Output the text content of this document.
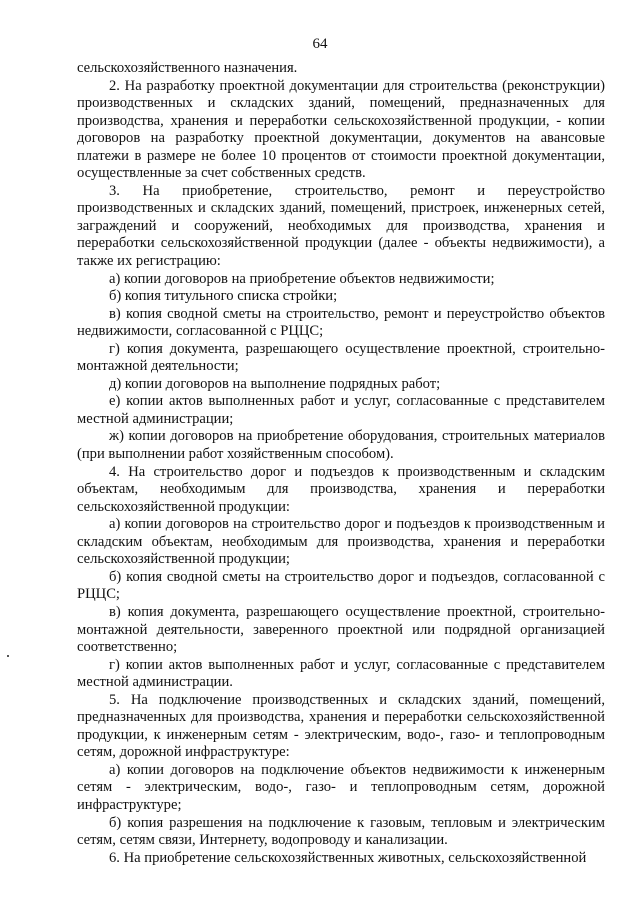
64

сельскохозяйственного назначения.

2. На разработку проектной документации для строительства (реконструкции) производственных и складских зданий, помещений, предназначенных для производства, хранения и переработки сельскохозяйственной продукции, - копии договоров на разработку проектной документации, документов на авансовые платежи в размере не более 10 процентов от стоимости проектной документации, осуществленные за счет собственных средств.

3. На приобретение, строительство, ремонт и переустройство производственных и складских зданий, помещений, пристроек, инженерных сетей, заграждений и сооружений, необходимых для производства, хранения и переработки сельскохозяйственной продукции (далее - объекты недвижимости), а также их регистрацию:

а) копии договоров на приобретение объектов недвижимости;

б) копия титульного списка стройки;

в) копия сводной сметы на строительство, ремонт и переустройство объектов недвижимости, согласованной с РЦЦС;

г) копия документа, разрешающего осуществление проектной, строительно-монтажной деятельности;

д) копии договоров на выполнение подрядных работ;

е) копии актов выполненных работ и услуг, согласованные с представителем местной администрации;

ж) копии договоров на приобретение оборудования, строительных материалов (при выполнении работ хозяйственным способом).

4. На строительство дорог и подъездов к производственным и складским объектам, необходимым для производства, хранения и переработки сельскохозяйственной продукции:

а) копии договоров на строительство дорог и подъездов к производственным и складским объектам, необходимым для производства, хранения и переработки сельскохозяйственной продукции;

б) копия сводной сметы на строительство дорог и подъездов, согласованной с РЦЦС;

в) копия документа, разрешающего осуществление проектной, строительно-монтажной деятельности, заверенного проектной или подрядной организацией соответственно;

г) копии актов выполненных работ и услуг, согласованные с представителем местной администрации.

5. На подключение производственных и складских зданий, помещений, предназначенных для производства, хранения и переработки сельскохозяйственной продукции, к инженерным сетям - электрическим, водо-, газо- и теплопроводным сетям, дорожной инфраструктуре:

а) копии договоров на подключение объектов недвижимости к инженерным сетям - электрическим, водо-, газо- и теплопроводным сетям, дорожной инфраструктуре;

б) копия разрешения на подключение к газовым, тепловым и электрическим сетям, сетям связи, Интернету, водопроводу и канализации.

6. На приобретение сельскохозяйственных животных, сельскохозяйственной
